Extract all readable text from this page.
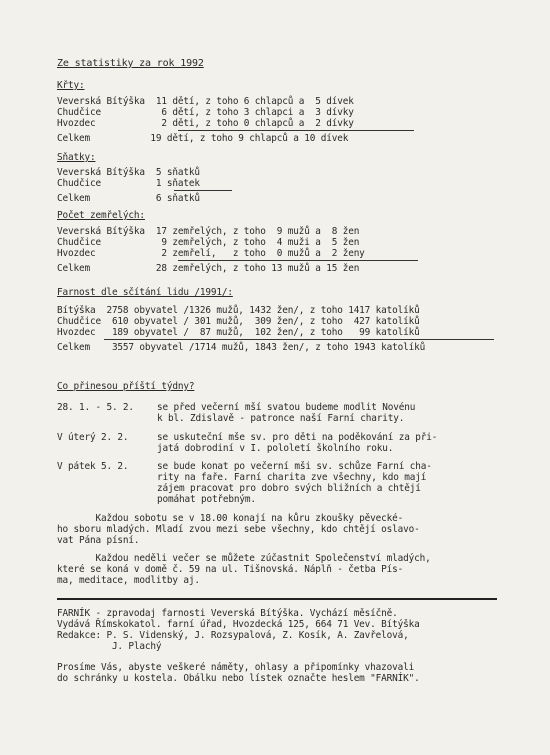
Ze statistiky za rok 1992
Křty:
Veverská Bítýška  11 dětí, z toho 6 chlapců a  5 dívek
Chudčice           6 dětí, z toho 3 chlapci a  3 dívky
Hvozdec            2 děti, z toho 0 chlapců a  2 dívky
Celkem           19 dětí, z toho 9 chlapců a 10 dívek
Sňatky:
Veverská Bítýška  5 sňatků
Chudčice          1 sňatek
Celkem            6 sňatků
Počet zemřelých:
Veverská Bítýška  17 zemřelých, z toho  9 mužů a  8 žen
Chudčice           9 zemřelých, z toho  4 muži a  5 žen
Hvozdec            2 zemřelí,   z toho  0 mužů a  2 ženy
Celkem            28 zemřelých, z toho 13 mužů a 15 žen
Farnost dle sčítání lidu /1991/:
Bítýška  2758 obyvatel /1326 mužů, 1432 žen/, z toho 1417 katolíků
Chudčice  610 obyvatel / 301 mužů,  309 žen/, z toho  427 katolíků
Hvozdec   189 obyvatel /  87 mužů,  102 žen/, z toho   99 katolíků
Celkem    3557 obyvatel /1714 mužů, 1843 žen/, z toho 1943 katolíků
Co přinesou příští týdny?
28. 1. - 5. 2. se před večerní mší svatou budeme modlit Novénu
k bl. Zdislavě - patronce naší Farní charity.
V úterý 2. 2.	se uskuteční mše sv. pro děti na poděkování za při-
jatá dobrodiní v I. pololetí školního roku.
V pátek 5. 2.	se bude konat po večerní mši sv. schůze Farní cha-
rity na faře. Farní charita zve všechny, kdo mají
zájem pracovat pro dobro svých bližních a chtějí
pomáhat potřebným.
Každou sobotu se v 18.00 konají na kůru zkoušky pěvecké-
ho sboru mladých. Mladí zvou mezi sebe všechny, kdo chtějí oslavo-
vat Pána písní.
Každou neděli večer se můžete zúčastnit Společenství mladých,
které se koná v domě č. 59 na ul. Tišnovská. Náplň - četba Pís-
ma, meditace, modlitby aj.
FARNÍK - zpravodaj farnosti Veverská Bítýška. Vychází měsíčně.
Vydává Římskokatol. farní úřad, Hvozdecká 125, 664 71 Vev. Bítýška
Redakce: P. S. Videnský, J. Rozsypalová, Z. Kosík, A. Zavřelová,
J. Plachý
Prosíme Vás, abyste veškeré náměty, ohlasy a připomínky vhazovali
do schránky u kostela. Obálku nebo lístek označte heslem "FARNÍK".
